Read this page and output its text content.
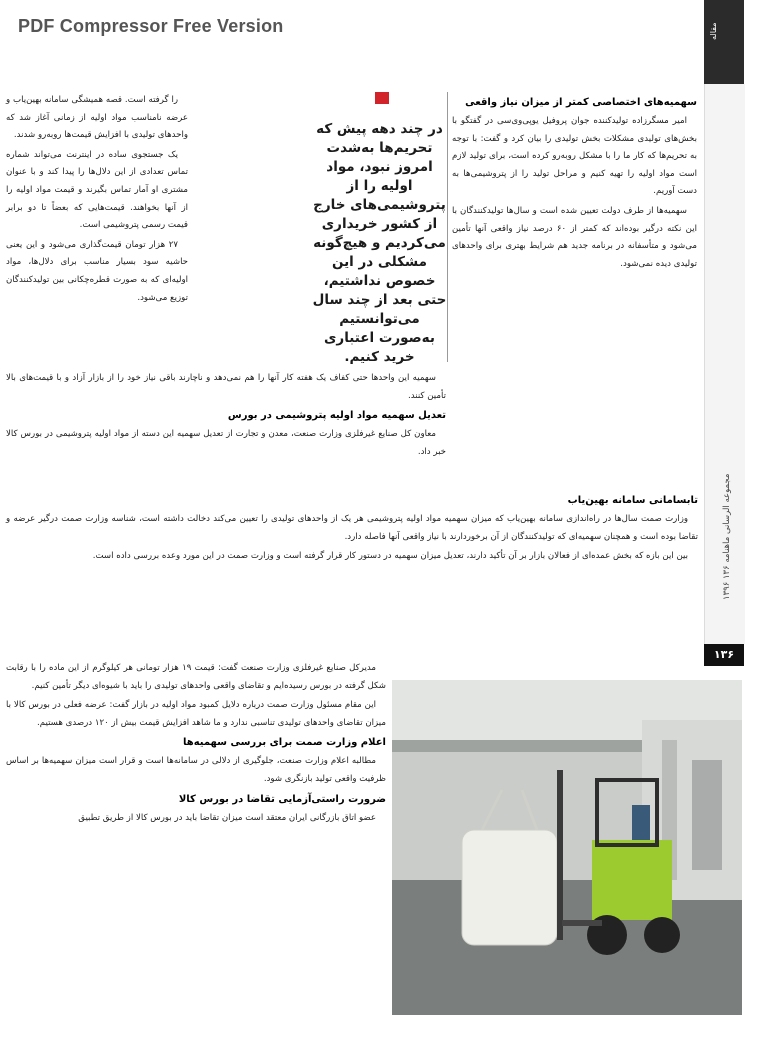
PDF Compressor Free Version	مقاله
مجموعه الرسانی‌ ماهنامه ۱۳۶ ۱۳۹۶
۱۳۶
سهمیه‌های اختصاصی کمتر از میزان نیاز واقعی

امیر مسگرزاده تولیدکننده جوان پروفیل یوپی‌وی‌سی در گفتگو با بخش‌های تولیدی مشکلات بخش تولیدی را بیان کرد و گفت: با توجه به تحریم‌ها که کار ما را با مشکل روبه‌رو کرده است، برای تولید لازم است مواد اولیه را تهیه کنیم و مراحل تولید را از پتروشیمی‌ها به دست آوریم.

سهمیه‌ها از طرف دولت تعیین شده است و سال‌ها تولیدکنندگان با این نکته درگیر بوده‌اند که کمتر از ۶۰ درصد نیاز واقعی آنها تأمین می‌شود و متأسفانه در برنامه جدید هم شرایط بهتری برای واحدهای تولیدی دیده نمی‌شود.

در چند دهه پیش که تحریم‌ها به‌شدت امروز نبود، مواد اولیه را از پتروشیمی‌های خارج از کشور خریداری می‌کردیم و هیچ‌گونه مشکلی در این خصوص نداشتیم، حتی بعد از چند سال می‌توانستیم به‌صورت اعتباری خرید کنیم.

را گرفته است. قصه همیشگی سامانه بهین‌یاب و عرضه نامناسب مواد اولیه از زمانی آغاز شد که واحدهای تولیدی با افزایش قیمت‌ها روبه‌رو شدند.

یک جستجوی ساده در اینترنت می‌تواند شماره تماس تعدادی از این دلال‌ها را پیدا کند و با عنوان مشتری او آمار تماس بگیرند و قیمت مواد اولیه را از آنها بخواهند. قیمت‌هایی که بعضاً تا دو برابر قیمت رسمی پتروشیمی است.

۲۷ هزار تومان قیمت‌گذاری می‌شود و این یعنی حاشیه سود بسیار مناسب برای دلال‌ها، مواد اولیه‌ای که به صورت قطره‌چکانی بین تولیدکنندگان توزیع می‌شود.

سهمیه این واحدها حتی کفاف یک هفته کار آنها را هم نمی‌دهد و ناچارند باقی نیاز خود را از بازار آزاد و با قیمت‌های بالا تأمین کنند.

تعدیل سهمیه مواد اولیه پتروشیمی در بورس

معاون کل صنایع غیرفلزی وزارت صنعت، معدن و تجارت از تعدیل سهمیه این دسته از مواد اولیه پتروشیمی در بورس کالا خبر داد.

تابسامانی سامانه بهین‌یاب

وزارت صمت سال‌ها در راه‌اندازی سامانه بهین‌یاب که میزان سهمیه مواد اولیه پتروشیمی هر یک از واحدهای تولیدی را تعیین می‌کند دخالت داشته است، شناسه وزارت صمت درگیر عرضه و تقاضا بوده است و همچنان سهمیه‌ای که تولیدکنندگان از آن برخوردارند با نیاز واقعی آنها فاصله دارد.

بین این بازه که بخش عمده‌ای از فعالان بازار بر آن تأکید دارند، تعدیل میزان سهمیه در دستور کار قرار گرفته است و وزارت صمت در این مورد وعده بررسی داده است.

مدیرکل صنایع غیرفلزی وزارت صنعت گفت: قیمت ۱۹ هزار تومانی هر کیلوگرم از این ماده را با رقابت شکل گرفته در بورس رسیده‌ایم و تقاضای واقعی واحدهای تولیدی را باید با شیوه‌ای دیگر تأمین کنیم.

این مقام مسئول وزارت صمت درباره دلایل کمبود مواد اولیه در بازار گفت: عرضه فعلی در بورس کالا با میزان تقاضای واحدهای تولیدی تناسبی ندارد و ما شاهد افزایش قیمت بیش از ۱۲۰ درصدی هستیم.

اعلام وزارت صمت برای بررسی سهمیه‌ها

مطالبه اعلام وزارت صنعت، جلوگیری از دلالی در سامانه‌ها است و قرار است میزان سهمیه‌ها بر اساس ظرفیت واقعی تولید بازنگری شود.

ضرورت راستی‌آزمایی تقاضا در بورس کالا

عضو اتاق بازرگانی ایران معتقد است میزان تقاضا باید در بورس کالا از طریق تطبیق
